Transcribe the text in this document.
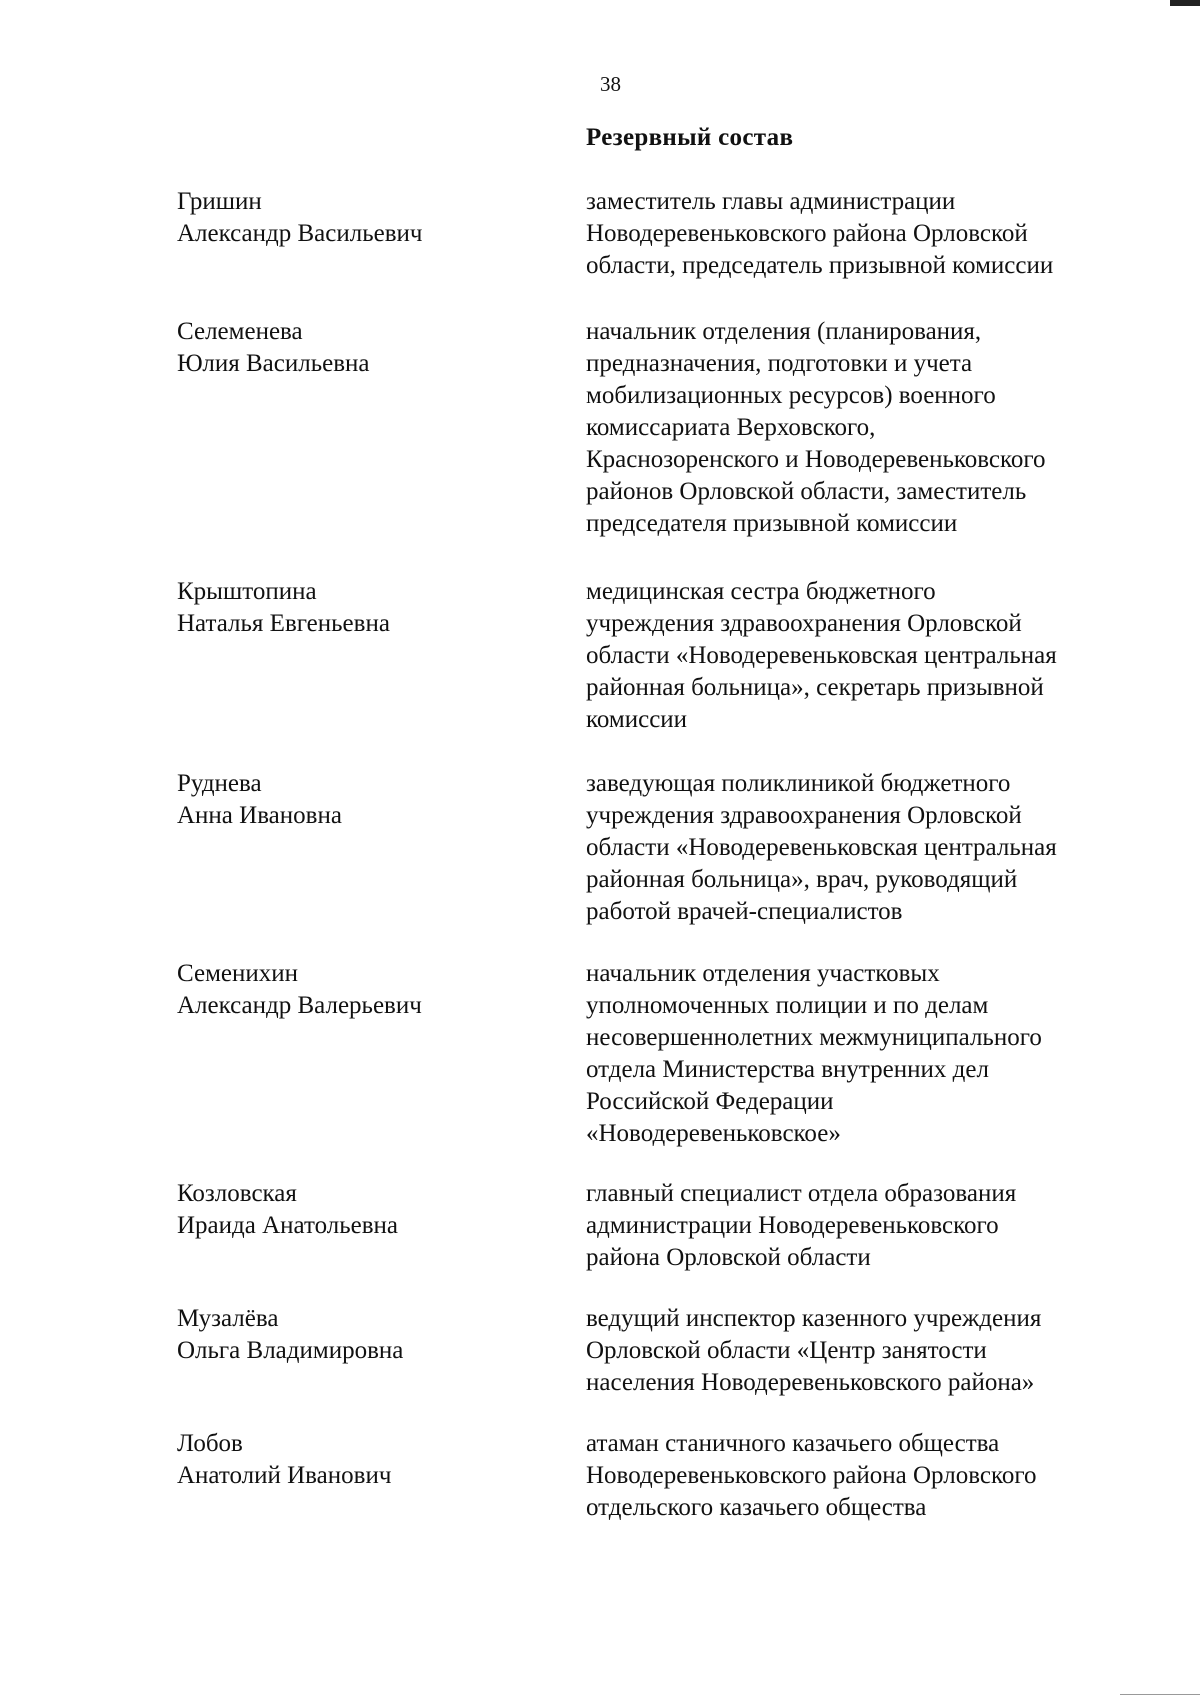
38
Резервный состав
Гришин
Александр Васильевич
заместитель главы администрации
Новодеревеньковского района Орловской
области, председатель призывной комиссии
Селеменева
Юлия Васильевна
начальник отделения (планирования,
предназначения, подготовки и учета
мобилизационных ресурсов) военного
комиссариата Верховского,
Краснозоренского и Новодеревеньковского
районов Орловской области, заместитель
председателя призывной комиссии
Крыштопина
Наталья Евгеньевна
медицинская сестра бюджетного
учреждения здравоохранения Орловской
области «Новодеревеньковская центральная
районная больница», секретарь призывной
комиссии
Руднева
Анна Ивановна
заведующая поликлиникой бюджетного
учреждения здравоохранения Орловской
области «Новодеревеньковская центральная
районная больница», врач, руководящий
работой врачей-специалистов
Семенихин
Александр Валерьевич
начальник отделения участковых
уполномоченных полиции и по делам
несовершеннолетних межмуниципального
отдела Министерства внутренних дел
Российской Федерации
«Новодеревеньковское»
Козловская
Ираида Анатольевна
главный специалист отдела образования
администрации Новодеревеньковского
района Орловской области
Музалёва
Ольга Владимировна
ведущий инспектор казенного учреждения
Орловской области «Центр занятости
населения Новодеревеньковского района»
Лобов
Анатолий Иванович
атаман станичного казачьего общества
Новодеревеньковского района Орловского
отдельского казачьего общества
